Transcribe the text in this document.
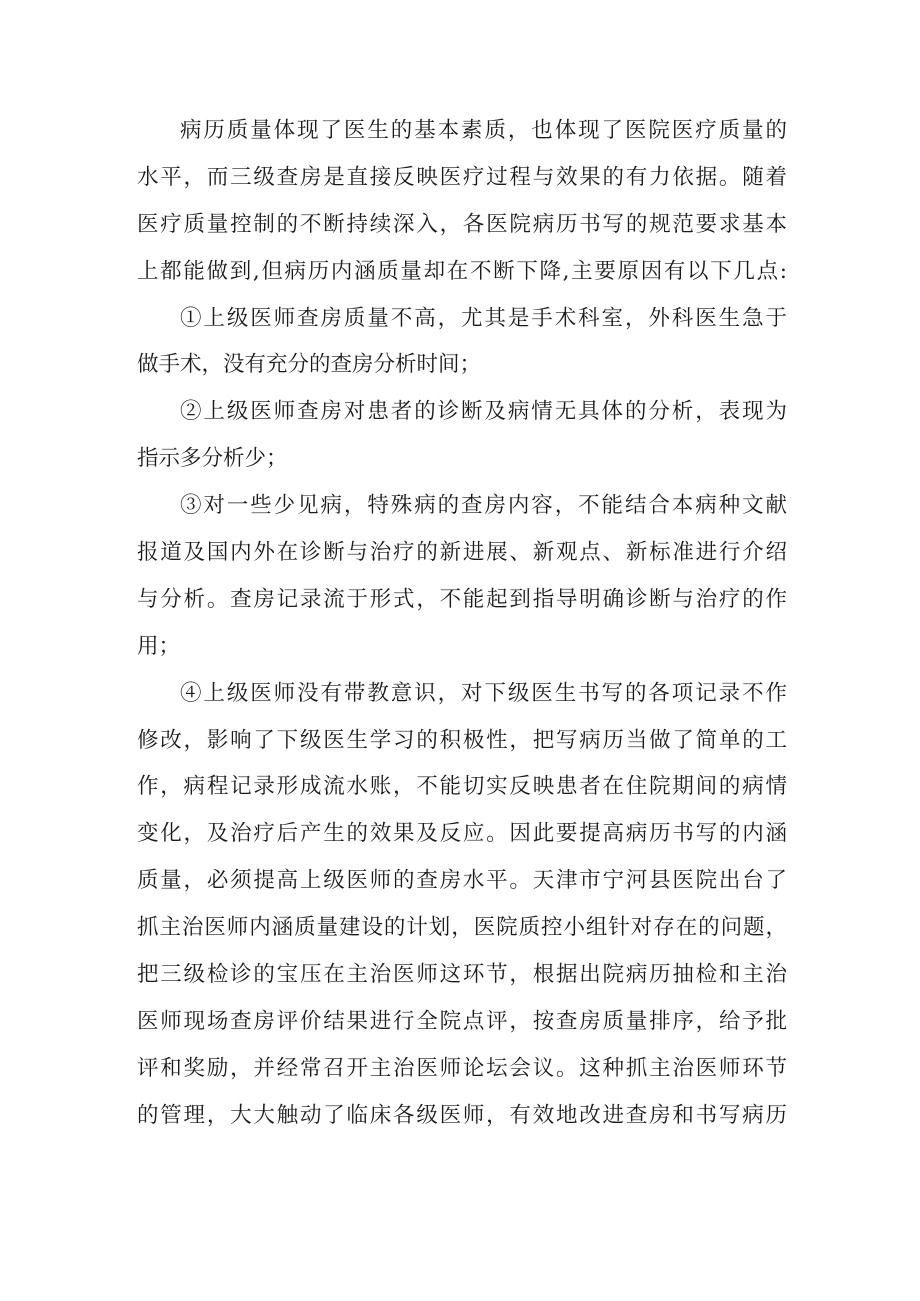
病历质量体现了医生的基本素质，也体现了医院医疗质量的
水平，而三级查房是直接反映医疗过程与效果的有力依据。随着
医疗质量控制的不断持续深入，各医院病历书写的规范要求基本
上都能做到,但病历内涵质量却在不断下降,主要原因有以下几点:

①上级医师查房质量不高，尤其是手术科室，外科医生急于
做手术，没有充分的查房分析时间；

②上级医师查房对患者的诊断及病情无具体的分析，表现为
指示多分析少；

③对一些少见病，特殊病的查房内容，不能结合本病种文献
报道及国内外在诊断与治疗的新进展、新观点、新标准进行介绍
与分析。查房记录流于形式，不能起到指导明确诊断与治疗的作
用；

④上级医师没有带教意识，对下级医生书写的各项记录不作
修改，影响了下级医生学习的积极性，把写病历当做了简单的工
作，病程记录形成流水账，不能切实反映患者在住院期间的病情
变化，及治疗后产生的效果及反应。因此要提高病历书写的内涵
质量，必须提高上级医师的查房水平。天津市宁河县医院出台了
抓主治医师内涵质量建设的计划，医院质控小组针对存在的问题，
把三级检诊的宝压在主治医师这环节，根据出院病历抽检和主治
医师现场查房评价结果进行全院点评，按查房质量排序，给予批
评和奖励，并经常召开主治医师论坛会议。这种抓主治医师环节
的管理，大大触动了临床各级医师，有效地改进查房和书写病历
